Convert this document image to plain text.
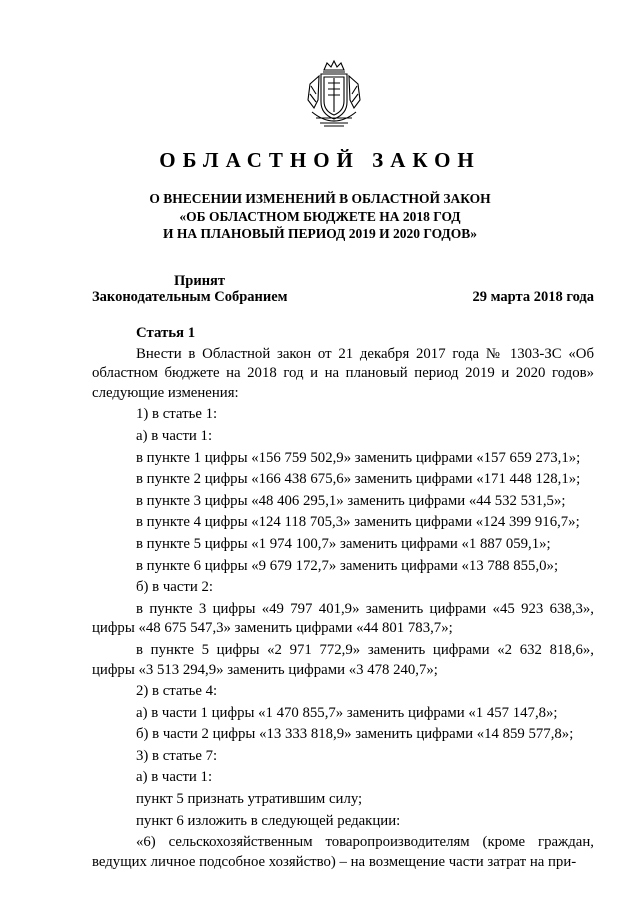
ОБЛАСТНОЙ ЗАКОН
О ВНЕСЕНИИ ИЗМЕНЕНИЙ В ОБЛАСТНОЙ ЗАКОН
«ОБ ОБЛАСТНОМ БЮДЖЕТЕ НА 2018 ГОД
И НА ПЛАНОВЫЙ ПЕРИОД 2019 И 2020 ГОДОВ»
Принят
Законодательным Собранием	29 марта 2018 года

Статья 1

Внести в Областной закон от 21 декабря 2017 года № 1303-ЗС «Об областном бюджете на 2018 год и на плановый период 2019 и 2020 годов» следующие изменения:

1) в статье 1:

а) в части 1:

в пункте 1 цифры «156 759 502,9» заменить цифрами «157 659 273,1»;

в пункте 2 цифры «166 438 675,6» заменить цифрами «171 448 128,1»;

в пункте 3 цифры «48 406 295,1» заменить цифрами «44 532 531,5»;

в пункте 4 цифры «124 118 705,3» заменить цифрами «124 399 916,7»;

в пункте 5 цифры «1 974 100,7» заменить цифрами «1 887 059,1»;

в пункте 6 цифры «9 679 172,7» заменить цифрами «13 788 855,0»;

б) в части 2:

в пункте 3 цифры «49 797 401,9» заменить цифрами «45 923 638,3», цифры «48 675 547,3» заменить цифрами «44 801 783,7»;

в пункте 5 цифры «2 971 772,9» заменить цифрами «2 632 818,6», цифры «3 513 294,9» заменить цифрами «3 478 240,7»;

2) в статье 4:

а) в части 1 цифры «1 470 855,7» заменить цифрами «1 457 147,8»;

б) в части 2 цифры «13 333 818,9» заменить цифрами «14 859 577,8»;

3) в статье 7:

а) в части 1:

пункт 5 признать утратившим силу;

пункт 6 изложить в следующей редакции:

«6) сельскохозяйственным товаропроизводителям (кроме граждан, ведущих личное подсобное хозяйство) – на возмещение части затрат на при-
